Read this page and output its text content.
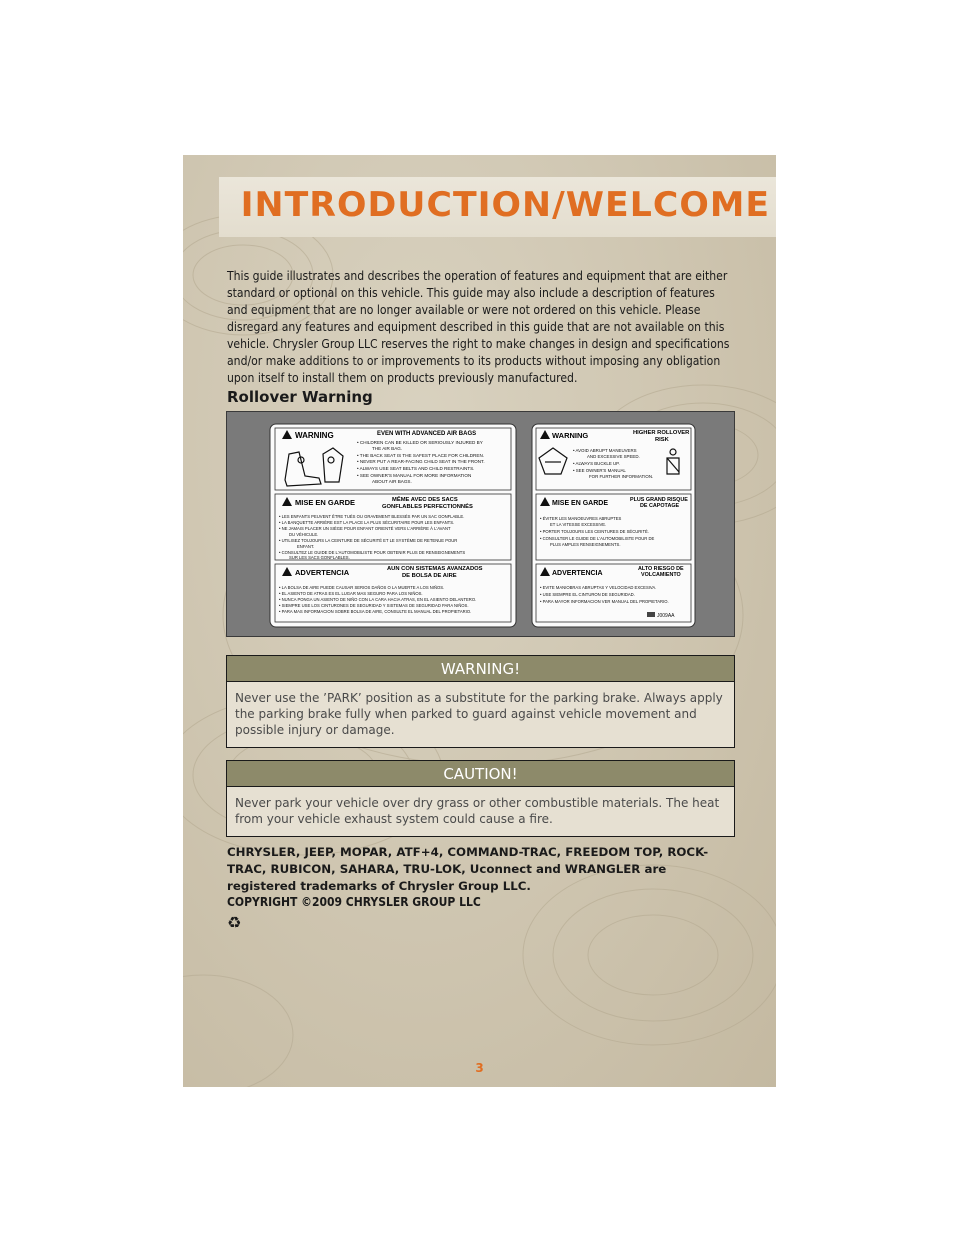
INTRODUCTION/WELCOME
This guide illustrates and describes the operation of features and equipment that are either standard or optional on this vehicle. This guide may also include a description of features and equipment that are no longer available or were not ordered on this vehicle. Please disregard any features and equipment described in this guide that are not available on this vehicle. Chrysler Group LLC reserves the right to make changes in design and specifications and/or make additions to or improvements to its products without imposing any obligation upon itself to install them on products previously manufactured.
Rollover Warning
WARNING	EVEN WITH ADVANCED AIR BAGS
• CHILDREN CAN BE KILLED OR SERIOUSLY INJURED BY
THE AIR BAG.
• THE BACK SEAT IS THE SAFEST PLACE FOR CHILDREN.
• NEVER PUT A REAR-FACING CHILD SEAT IN THE FRONT.
• ALWAYS USE SEAT BELTS AND CHILD RESTRAINTS.
• SEE OWNER'S MANUAL FOR MORE INFORMATION
ABOUT AIR BAGS.
MISE EN GARDE	MÊME AVEC DES SACS
GONFLABLES PERFECTIONNÉS
• LES ENFANTS PEUVENT ÊTRE TUÉS OU GRAVEMENT BLESSÉS PAR UN SAC GONFLABLE.
• LA BANQUETTE ARRIÈRE EST LA PLACE LA PLUS SÉCURITAIRE POUR LES ENFANTS.
• NE JAMAIS PLACER UN SIÈGE POUR ENFANT ORIENTÉ VERS L'ARRIÈRE À L'AVANT
DU VÉHICULE.
• UTILISEZ TOUJOURS LA CEINTURE DE SÉCURITÉ ET LE SYSTÈME DE RETENUE POUR
ENFANT.
• CONSULTEZ LE GUIDE DE L'AUTOMOBILISTE POUR OBTENIR PLUS DE RENSEIGNEMENTS
SUR LES SACS GONFLABLES.
ADVERTENCIA	AUN CON SISTEMAS AVANZADOS
DE BOLSA DE AIRE
• LA BOLSA DE AIRE PUEDE CAUSAR SERIOS DAÑOS O LA MUERTE A LOS NIÑOS.
• EL ASIENTO DE ATRAS ES EL LUGAR MAS SEGURO PARA LOS NIÑOS.
• NUNCA PONGA UN ASIENTO DE NIÑO CON LA CARA HACIA ATRAS, EN EL ASIENTO DELANTERO.
• SIEMPRE USE LOS CINTURONES DE SEGURIDAD Y SISTEMAS DE SEGURIDAD PARA NIÑOS.
• PARA MAS INFORMACION SOBRE BOLSA DE AIRE, CONSULTE EL MANUAL DEL PROPIETARIO.
WARNING	HIGHER ROLLOVER
RISK
• AVOID ABRUPT MANEUVERS
AND EXCESSIVE SPEED.
• ALWAYS BUCKLE UP.
• SEE OWNER'S MANUAL
FOR FURTHER INFORMATION.
MISE EN GARDE	PLUS GRAND RISQUE
DE CAPOTAGE
• ÉVITER LES MANOEUVRES ABRUPTES
ET LA VITESSE EXCESSIVE.
• PORTER TOUJOURS LES CEINTURES DE SÉCURITÉ.
• CONSULTER LE GUIDE DE L'AUTOMOBILISTE POUR DE
PLUS AMPLES RENSEIGNEMENTS.
ADVERTENCIA
ALTO RIESGO DE
VOLCAMIENTO
• EVITE MANIOBRAS ABRUPTAS Y VELOCIDAD EXCESIVA.
• USE SIEMPRE EL CINTURON DE SEGURIDAD.
• PARA MAYOR INFORMACION VER MANUAL DEL PROPIETARIO.
J009AA
WARNING!
Never use the ’PARK’ position as a substitute for the parking brake. Always apply the parking brake fully when parked to guard against vehicle movement and possible injury or damage.
CAUTION!
Never park your vehicle over dry grass or other combustible materials. The heat from your vehicle exhaust system could cause a fire.
CHRYSLER, JEEP, MOPAR, ATF+4, COMMAND-TRAC, FREEDOM TOP, ROCK-TRAC, RUBICON, SAHARA, TRU-LOK, Uconnect and WRANGLER are registered trademarks of Chrysler Group LLC.
COPYRIGHT ©2009 CHRYSLER GROUP LLC
♻
3
